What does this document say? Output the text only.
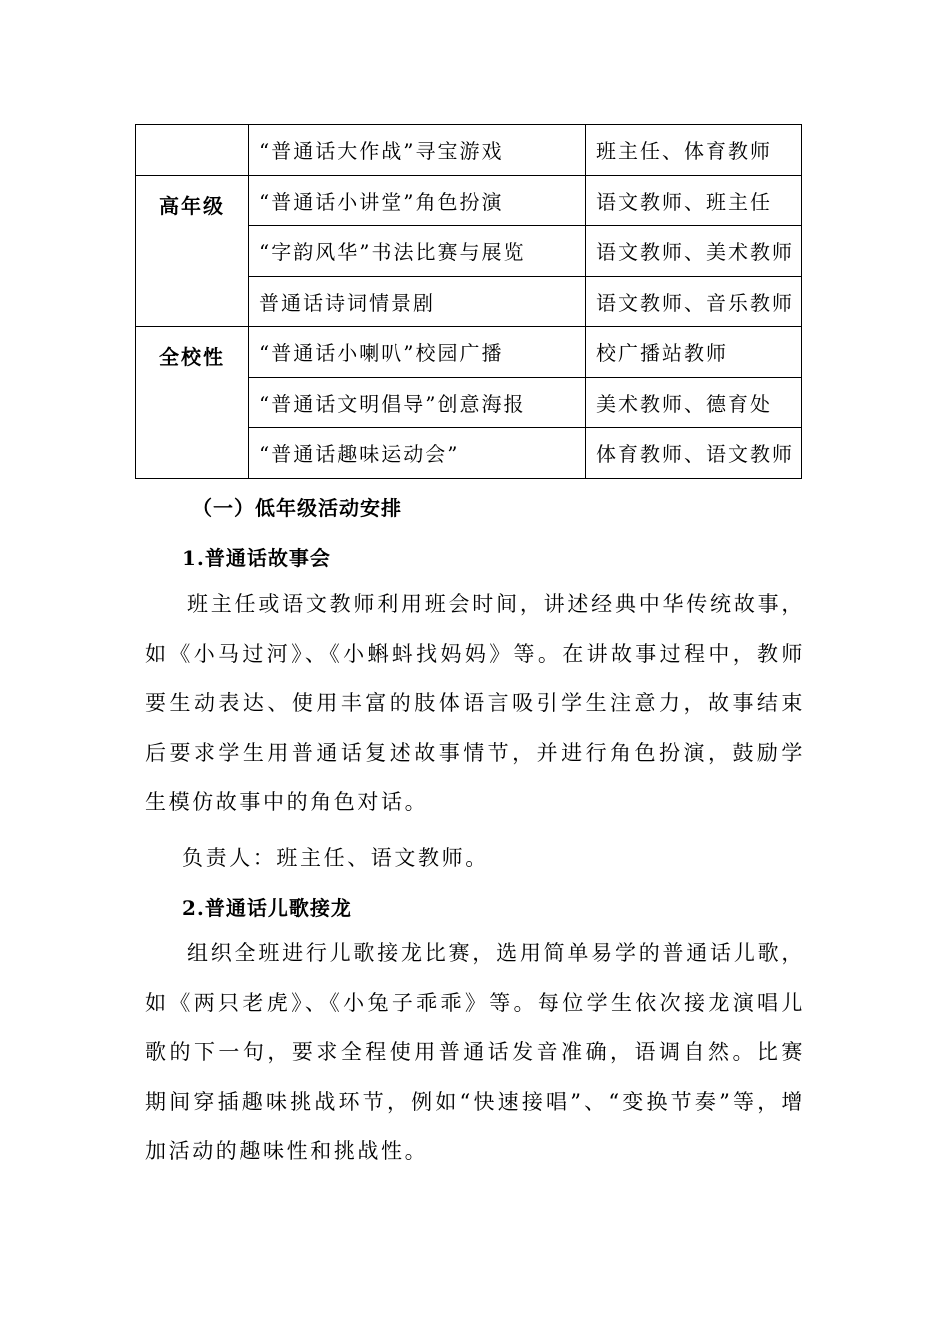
	“普通话大作战”寻宝游戏	班主任、体育教师
高年级	“普通话小讲堂”角色扮演	语文教师、班主任
	“字韵风华”书法比赛与展览	语文教师、美术教师
	普通话诗词情景剧	语文教师、音乐教师
全校性	“普通话小喇叭”校园广播	校广播站教师
	“普通话文明倡导”创意海报	美术教师、德育处
	“普通话趣味运动会”	体育教师、语文教师
（一）低年级活动安排
1.普通话故事会

班主任或语文教师利用班会时间，讲述经典中华传统故事，如《小马过河》、《小蝌蚪找妈妈》等。在讲故事过程中，教师要生动表达、使用丰富的肢体语言吸引学生注意力，故事结束后要求学生用普通话复述故事情节，并进行角色扮演，鼓励学生模仿故事中的角色对话。

负责人：班主任、语文教师。
2.普通话儿歌接龙

组织全班进行儿歌接龙比赛，选用简单易学的普通话儿歌，如《两只老虎》、《小兔子乖乖》等。每位学生依次接龙演唱儿歌的下一句，要求全程使用普通话发音准确，语调自然。比赛期间穿插趣味挑战环节，例如“快速接唱”、“变换节奏”等，增加活动的趣味性和挑战性。
